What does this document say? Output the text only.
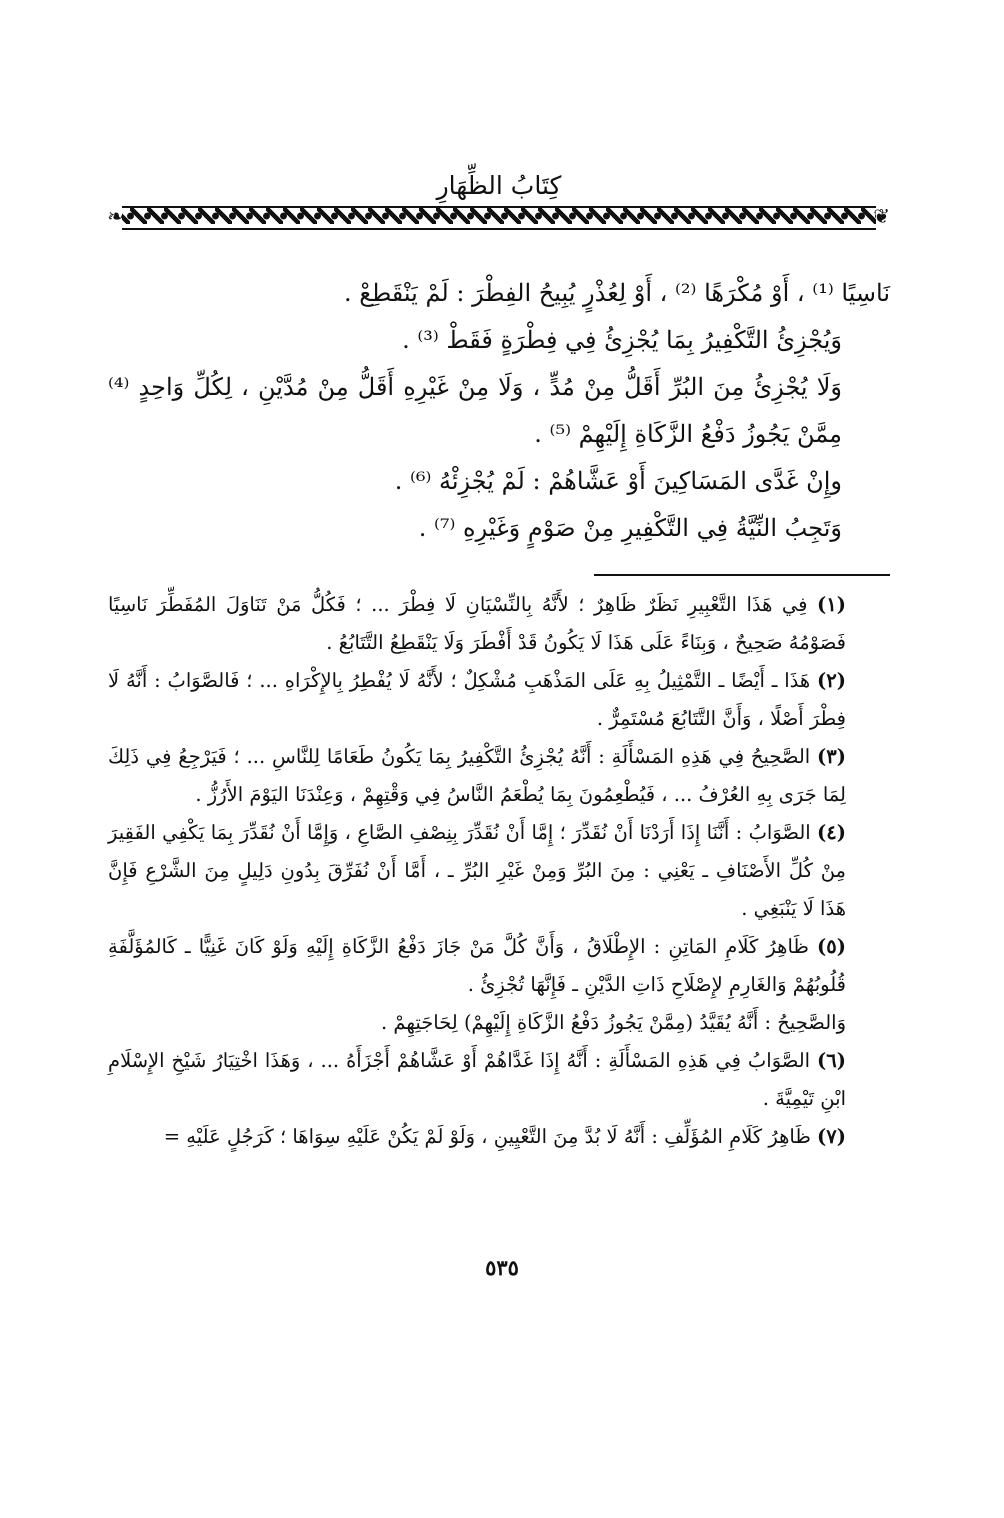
كِتَابُ الظِّهَارِ
❦
❧

نَاسِيًا ⁽¹⁾ ، أَوْ مُكْرَهًا ⁽²⁾ ، أَوْ لِعُذْرٍ يُبِيحُ الفِطْرَ : لَمْ يَنْقَطِعْ .

وَيُجْزِئُ التَّكْفِيرُ بِمَا يُجْزِئُ فِي فِطْرَةٍ فَقَطْ ⁽³⁾ .

وَلَا يُجْزِئُ مِنَ البُرِّ أَقَلُّ مِنْ مُدٍّ ، وَلَا مِنْ غَيْرِهِ أَقَلُّ مِنْ مُدَّيْنِ ، لِكُلِّ وَاحِدٍ ⁽⁴⁾ مِمَّنْ يَجُوزُ دَفْعُ الزَّكَاةِ إِلَيْهِمْ ⁽⁵⁾ .

وإِنْ غَدَّى المَسَاكِينَ أَوْ عَشَّاهُمْ : لَمْ يُجْزِئْهُ ⁽⁶⁾ .

وَتَجِبُ النِّيَّةُ فِي التَّكْفِيرِ مِنْ صَوْمٍ وَغَيْرِهِ ⁽⁷⁾ .

(١) فِي هَذَا التَّعْبِيرِ نَظَرٌ ظَاهِرٌ ؛ لأَنَّهُ بِالنِّسْيَانِ لَا فِطْرَ ... ؛ فَكُلُّ مَنْ تَنَاوَلَ المُفَطِّرَ نَاسِيًا فَصَوْمُهُ صَحِيحٌ ، وَبِنَاءً عَلَى هَذَا لَا يَكُونُ قَدْ أَفْطَرَ وَلَا يَنْقَطِعُ التَّتَابُعُ .

(٢) هَذَا ـ أَيْضًا ـ التَّمْثِيلُ بِهِ عَلَى المَذْهَبِ مُشْكِلٌ ؛ لأَنَّهُ لَا يُفْطِرُ بِالإِكْرَاهِ ... ؛ فَالصَّوَابُ : أَنَّهُ لَا فِطْرَ أَصْلًا ، وَأَنَّ التَّتَابُعَ مُسْتَمِرٌّ .

(٣) الصَّحِيحُ فِي هَذِهِ المَسْأَلَةِ : أَنَّهُ يُجْزِئُ التَّكْفِيرُ بِمَا يَكُونُ طَعَامًا لِلنَّاسِ ... ؛ فَيَرْجِعُ فِي ذَلِكَ لِمَا جَرَى بِهِ العُرْفُ ... ، فَيُطْعِمُونَ بِمَا يُطْعَمُ النَّاسُ فِي وَقْتِهِمْ ، وَعِنْدَنَا اليَوْمَ الأَرُزُّ .

(٤) الصَّوَابُ : أَنَّنَا إِذَا أَرَدْنَا أَنْ نُقَدِّرَ ؛ إِمَّا أَنْ نُقَدِّرَ بِنِصْفِ الصَّاعِ ، وَإِمَّا أَنْ نُقَدِّرَ بِمَا يَكْفِي الفَقِيرَ مِنْ كُلِّ الأَصْنَافِ ـ يَعْنِي : مِنَ البُرِّ وَمِنْ غَيْرِ البُرِّ ـ ، أَمَّا أَنْ نُفَرِّقَ بِدُونِ دَلِيلٍ مِنَ الشَّرْعِ فَإِنَّ هَذَا لَا يَنْبَغِي .

(٥) ظَاهِرُ كَلَامِ المَاتِنِ : الإِطْلَاقُ ، وَأَنَّ كُلَّ مَنْ جَازَ دَفْعُ الزَّكَاةِ إِلَيْهِ وَلَوْ كَانَ غَنِيًّا ـ كَالمُؤَلَّفَةِ قُلُوبُهُمْ وَالغَارِمِ لإِصْلَاحِ ذَاتِ الدَّيْنِ ـ فَإِنَّهَا تُجْزِئُ .

وَالصَّحِيحُ : أَنَّهُ يُقَيَّدُ (مِمَّنْ يَجُوزُ دَفْعُ الزَّكَاةِ إِلَيْهِمْ) لِحَاجَتِهِمْ .

(٦) الصَّوَابُ فِي هَذِهِ المَسْأَلَةِ : أَنَّهُ إِذَا غَدَّاهُمْ أَوْ عَشَّاهُمْ أَجْزَأَهُ ... ، وَهَذَا اخْتِيَارُ شَيْخِ الإِسْلَامِ ابْنِ تَيْمِيَّةَ .

(٧) ظَاهِرُ كَلَامِ المُؤَلِّفِ : أَنَّهُ لَا بُدَّ مِنَ التَّعْيِينِ ، وَلَوْ لَمْ يَكُنْ عَلَيْهِ سِوَاهَا ؛ كَرَجُلٍ عَلَيْهِ =

٥٣٥
